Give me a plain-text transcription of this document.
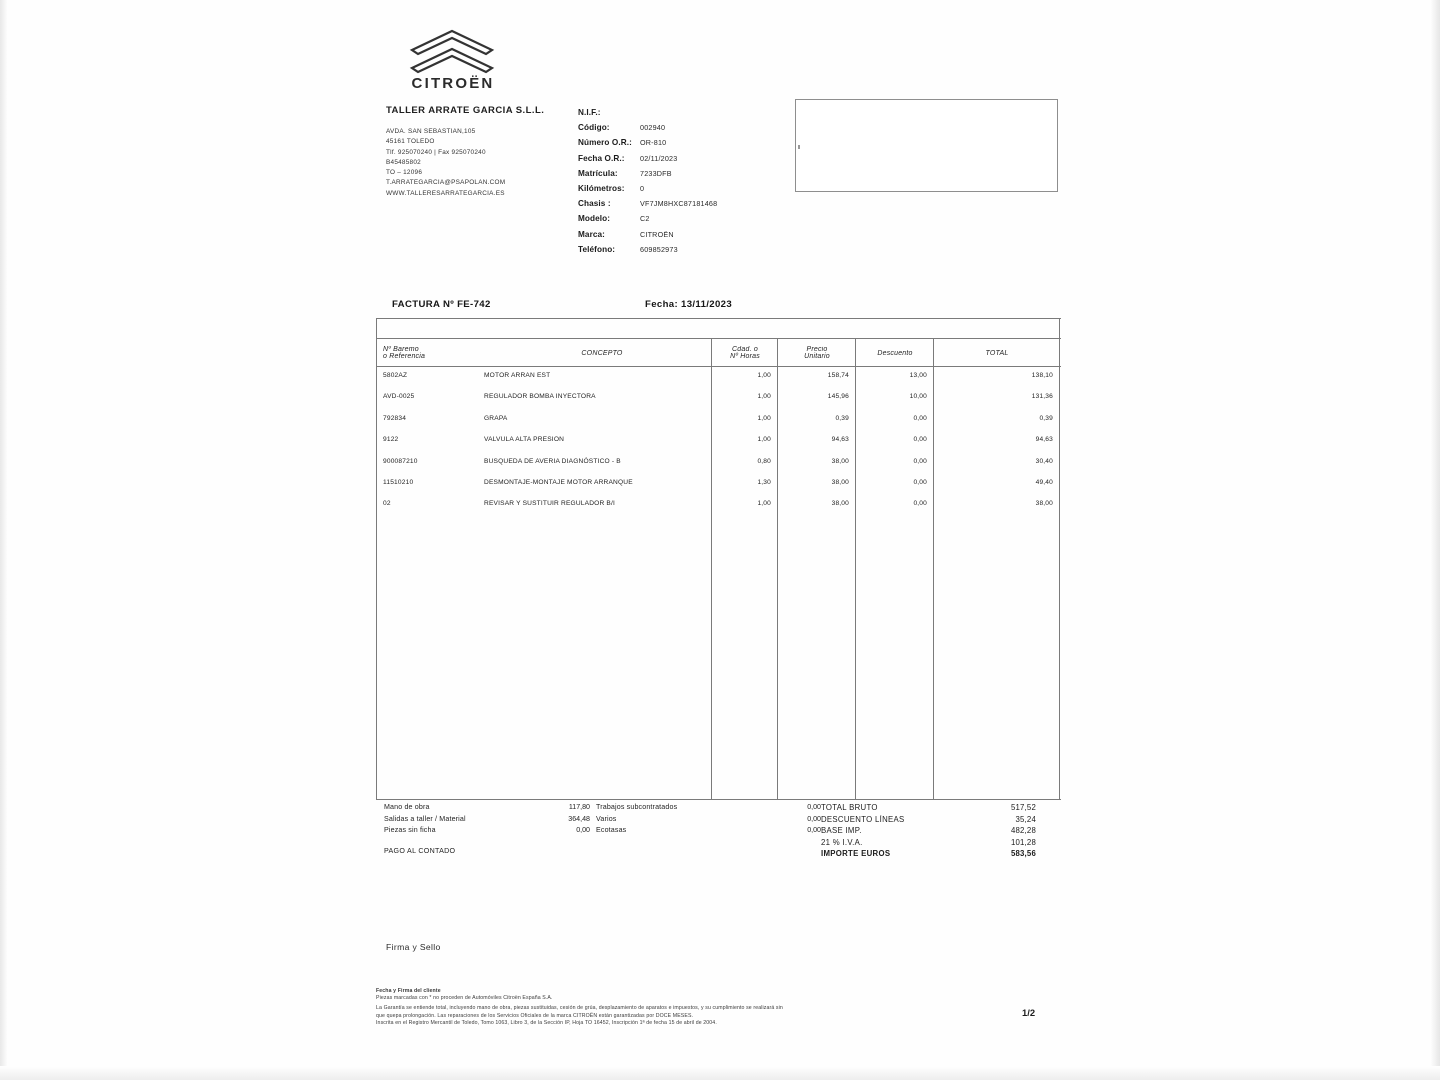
CITROËN
TALLER ARRATE GARCIA S.L.L.
AVDA. SAN SEBASTIAN,105
45161 TOLEDO
Tlf. 925070240 | Fax 925070240
B45485802
TO – 12096
T.ARRATEGARCIA@PSAPOLAN.COM
WWW.TALLERESARRATEGARCIA.ES
N.I.F.:
Código:	002940
Número O.R.:	OR-810
Fecha O.R.:	02/11/2023
Matrícula:	7233DFB
Kilómetros:	0
Chasis :	VF7JM8HXC87181468
Modelo:	C2
Marca:	CITROËN
Teléfono:	609852973
FACTURA Nº FE-742	Fecha: 13/11/2023
Nº Baremo
o Referencia	CONCEPTO	Cdad. o
Nº Horas
Precio
Unitario	Descuento	TOTAL
5802AZ	MOTOR ARRAN EST	1,00	158,74	13,00	138,10
AVD-0025	REGULADOR BOMBA INYECTORA	1,00	145,96	10,00	131,36
792834	GRAPA	1,00	0,39	0,00	0,39
9122	VALVULA ALTA PRESION	1,00	94,63	0,00	94,63
900087210	BUSQUEDA DE AVERIA DIAGNÓSTICO - B	0,80	38,00	0,00	30,40
11510210	DESMONTAJE-MONTAJE MOTOR ARRANQUE	1,30	38,00	0,00	49,40
02	REVISAR Y SUSTITUIR REGULADOR B/I	1,00	38,00	0,00	38,00
Mano de obra	117,80
Salidas a taller / Material	364,48
Piezas sin ficha	0,00
Trabajos subcontratados	0,00
Varios	0,00
Ecotasas	0,00
TOTAL BRUTO	517,52
DESCUENTO LÍNEAS	35,24
BASE IMP.	482,28
21 % I.V.A.	101,28
IMPORTE EUROS	583,56
PAGO AL CONTADO
Firma y Sello
Fecha y Firma del cliente
Piezas marcadas con * no proceden de Automóviles Citroën España S.A.
La Garantía se entiende total, incluyendo mano de obra, piezas sustituidas, cesión de grúa, desplazamiento de aparatos e impuestos, y su cumplimiento se realizará sin
que quepa prolongación. Las reparaciones de los Servicios Oficiales de la marca CITROËN están garantizadas por DOCE MESES.
Inscrita en el Registro Mercantil de Toledo, Tomo 1063, Libro 3, de la Sección IP, Hoja TO 16452, Inscripción 1ª de fecha 15 de abril de 2004.
1/2
